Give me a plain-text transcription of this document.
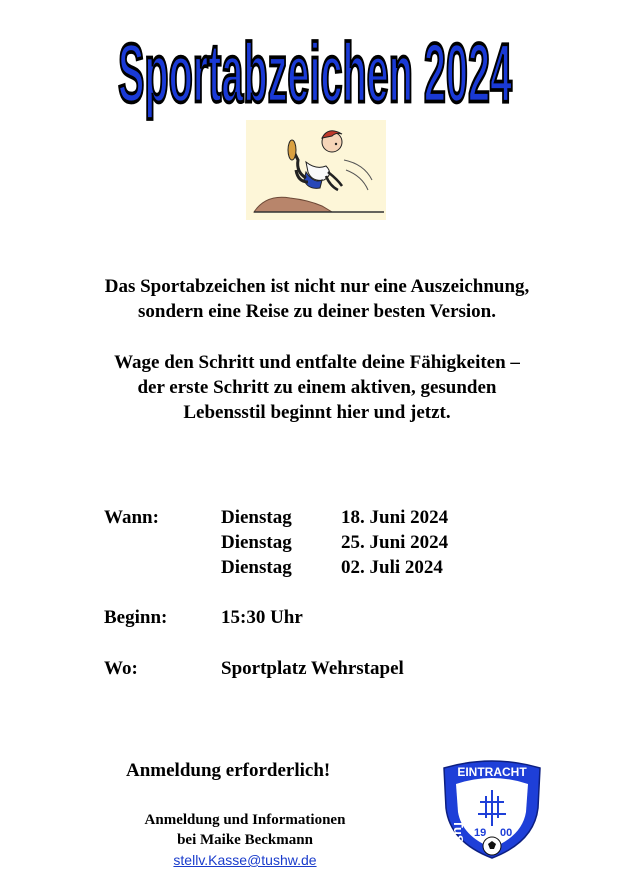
Sportabzeichen 2024
Das Sportabzeichen ist nicht nur eine Auszeichnung,
sondern eine Reise zu deiner besten Version.
Wage den Schritt und entfalte deine Fähigkeiten –
der erste Schritt zu einem aktiven, gesunden
Lebensstil beginnt hier und jetzt.
Wann:	Dienstag	18. Juni 2024
Dienstag	25. Juni 2024
Dienstag	02. Juli 2024
Beginn:	15:30 Uhr
Wo:	Sportplatz Wehrstapel
Anmeldung erforderlich!
Anmeldung und Informationen
bei Maike Beckmann
stellv.Kasse@tushw.de
EINTRACHT
TuS 19 00
